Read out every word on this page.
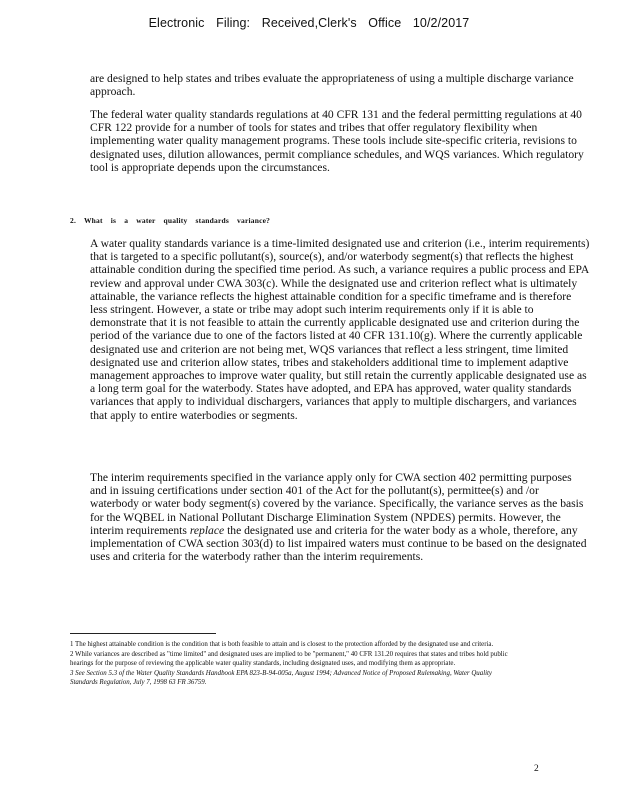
Electronic Filing: Received,Clerk's Office 10/2/2017

are designed to help states and tribes evaluate the appropriateness of using a multiple discharge variance approach.

The federal water quality standards regulations at 40 CFR 131 and the federal permitting regulations at 40 CFR 122 provide for a number of tools for states and tribes that offer regulatory flexibility when implementing water quality management programs. These tools include site-specific criteria, revisions to designated uses, dilution allowances, permit compliance schedules, and WQS variances. Which regulatory tool is appropriate depends upon the circumstances.

2. What is a water quality standards variance?

A water quality standards variance is a time-limited designated use and criterion (i.e., interim requirements) that is targeted to a specific pollutant(s), source(s), and/or waterbody segment(s) that reflects the highest attainable condition during the specified time period. As such, a variance requires a public process and EPA review and approval under CWA 303(c). While the designated use and criterion reflect what is ultimately attainable, the variance reflects the highest attainable condition for a specific timeframe and is therefore less stringent. However, a state or tribe may adopt such interim requirements only if it is able to demonstrate that it is not feasible to attain the currently applicable designated use and criterion during the period of the variance due to one of the factors listed at 40 CFR 131.10(g). Where the currently applicable designated use and criterion are not being met, WQS variances that reflect a less stringent, time limited designated use and criterion allow states, tribes and stakeholders additional time to implement adaptive management approaches to improve water quality, but still retain the currently applicable designated use as a long term goal for the waterbody. States have adopted, and EPA has approved, water quality standards variances that apply to individual dischargers, variances that apply to multiple dischargers, and variances that apply to entire waterbodies or segments.

The interim requirements specified in the variance apply only for CWA section 402 permitting purposes and in issuing certifications under section 401 of the Act for the pollutant(s), permittee(s) and /or waterbody or water body segment(s) covered by the variance. Specifically, the variance serves as the basis for the WQBEL in National Pollutant Discharge Elimination System (NPDES) permits. However, the interim requirements replace the designated use and criteria for the water body as a whole, therefore, any implementation of CWA section 303(d) to list impaired waters must continue to be based on the designated uses and criteria for the waterbody rather than the interim requirements.

1 The highest attainable condition is the condition that is both feasible to attain and is closest to the protection afforded by the designated use and criteria.

2 While variances are described as "time limited" and designated uses are implied to be "permanent," 40 CFR 131.20 requires that states and tribes hold public hearings for the purpose of reviewing the applicable water quality standards, including designated uses, and modifying them as appropriate.

3 See Section 5.3 of the Water Quality Standards Handbook EPA 823-B-94-005a, August 1994; Advanced Notice of Proposed Rulemaking, Water Quality Standards Regulation, July 7, 1998 63 FR 36759.

2
